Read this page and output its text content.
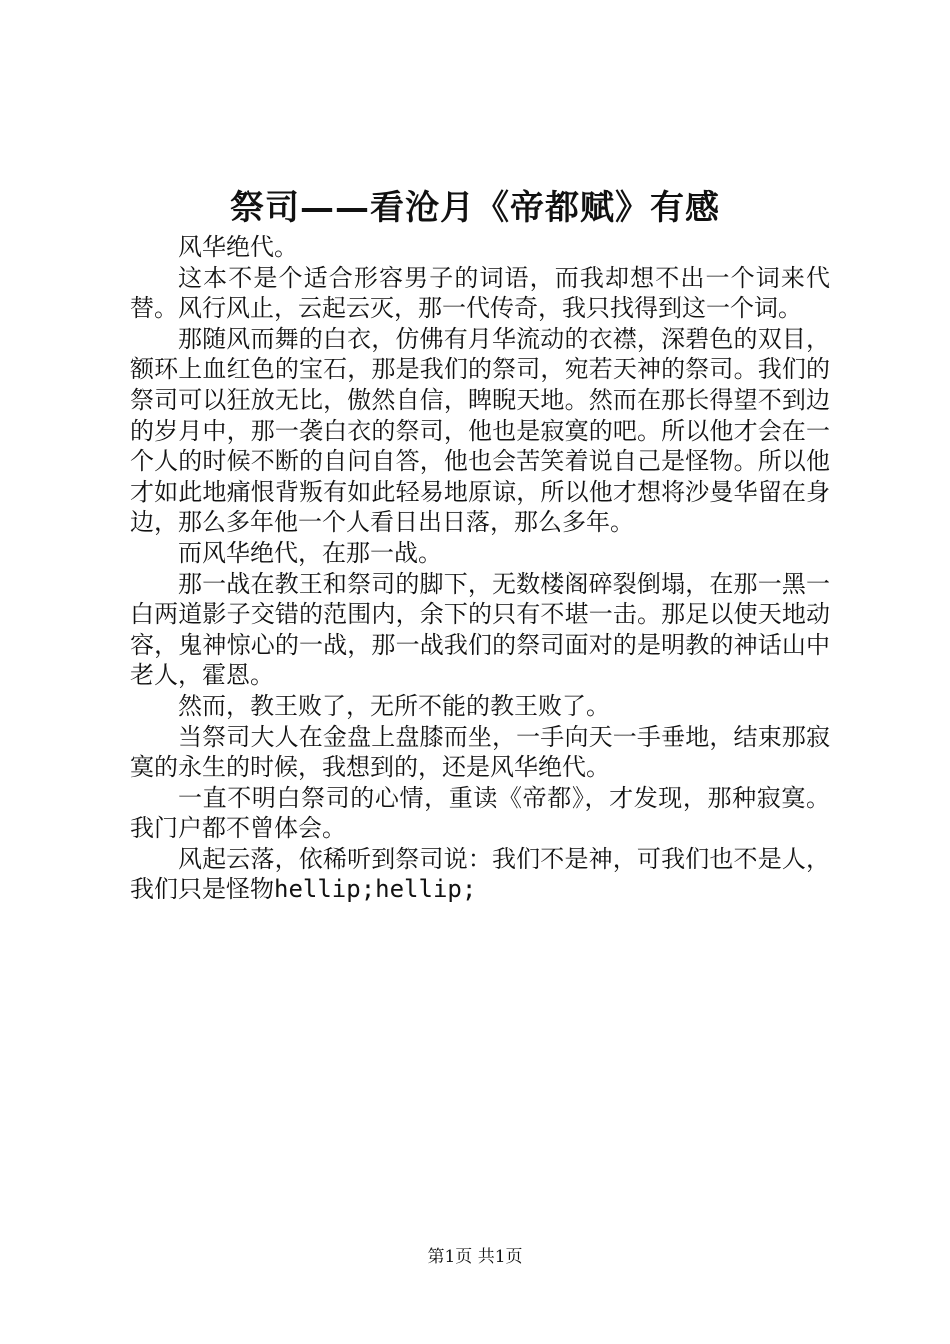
祭司——看沧月《帝都赋》有感

风华绝代。

这本不是个适合形容男子的词语，而我却想不出一个词来代替。风行风止，云起云灭，那一代传奇，我只找得到这一个词。

那随风而舞的白衣，仿佛有月华流动的衣襟，深碧色的双目，额环上血红色的宝石，那是我们的祭司，宛若天神的祭司。我们的祭司可以狂放无比，傲然自信，睥睨天地。然而在那长得望不到边的岁月中，那一袭白衣的祭司，他也是寂寞的吧。所以他才会在一个人的时候不断的自问自答，他也会苦笑着说自己是怪物。所以他才如此地痛恨背叛有如此轻易地原谅，所以他才想将沙曼华留在身边，那么多年他一个人看日出日落，那么多年。

而风华绝代，在那一战。

那一战在教王和祭司的脚下，无数楼阁碎裂倒塌，在那一黑一白两道影子交错的范围内，余下的只有不堪一击。那足以使天地动容，鬼神惊心的一战，那一战我们的祭司面对的是明教的神话山中老人，霍恩。

然而，教王败了，无所不能的教王败了。

当祭司大人在金盘上盘膝而坐，一手向天一手垂地，结束那寂寞的永生的时候，我想到的，还是风华绝代。

一直不明白祭司的心情，重读《帝都》，才发现，那种寂寞。我门户都不曾体会。

风起云落，依稀听到祭司说：我们不是神，可我们也不是人，我们只是怪物hellip;hellip;

第1页 共1页
